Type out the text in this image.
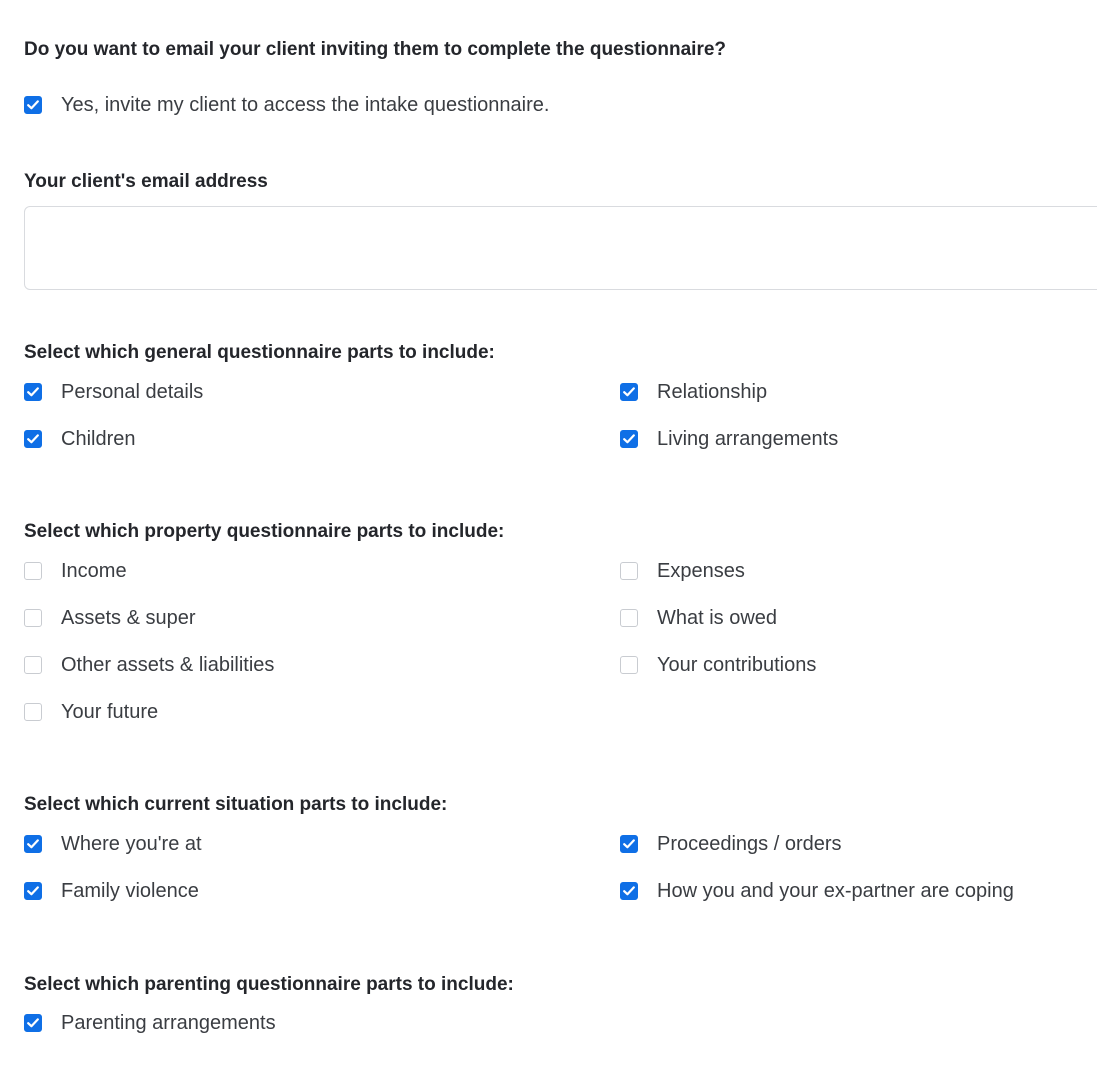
Do you want to email your client inviting them to complete the questionnaire?
Yes, invite my client to access the intake questionnaire.
Your client's email address
Select which general questionnaire parts to include:
Personal details	Relationship
Children	Living arrangements
Select which property questionnaire parts to include:
Income	Expenses
Assets & super	What is owed
Other assets & liabilities	Your contributions
Your future
Select which current situation parts to include:
Where you're at	Proceedings / orders
Family violence	How you and your ex-partner are coping
Select which parenting questionnaire parts to include:
Parenting arrangements
